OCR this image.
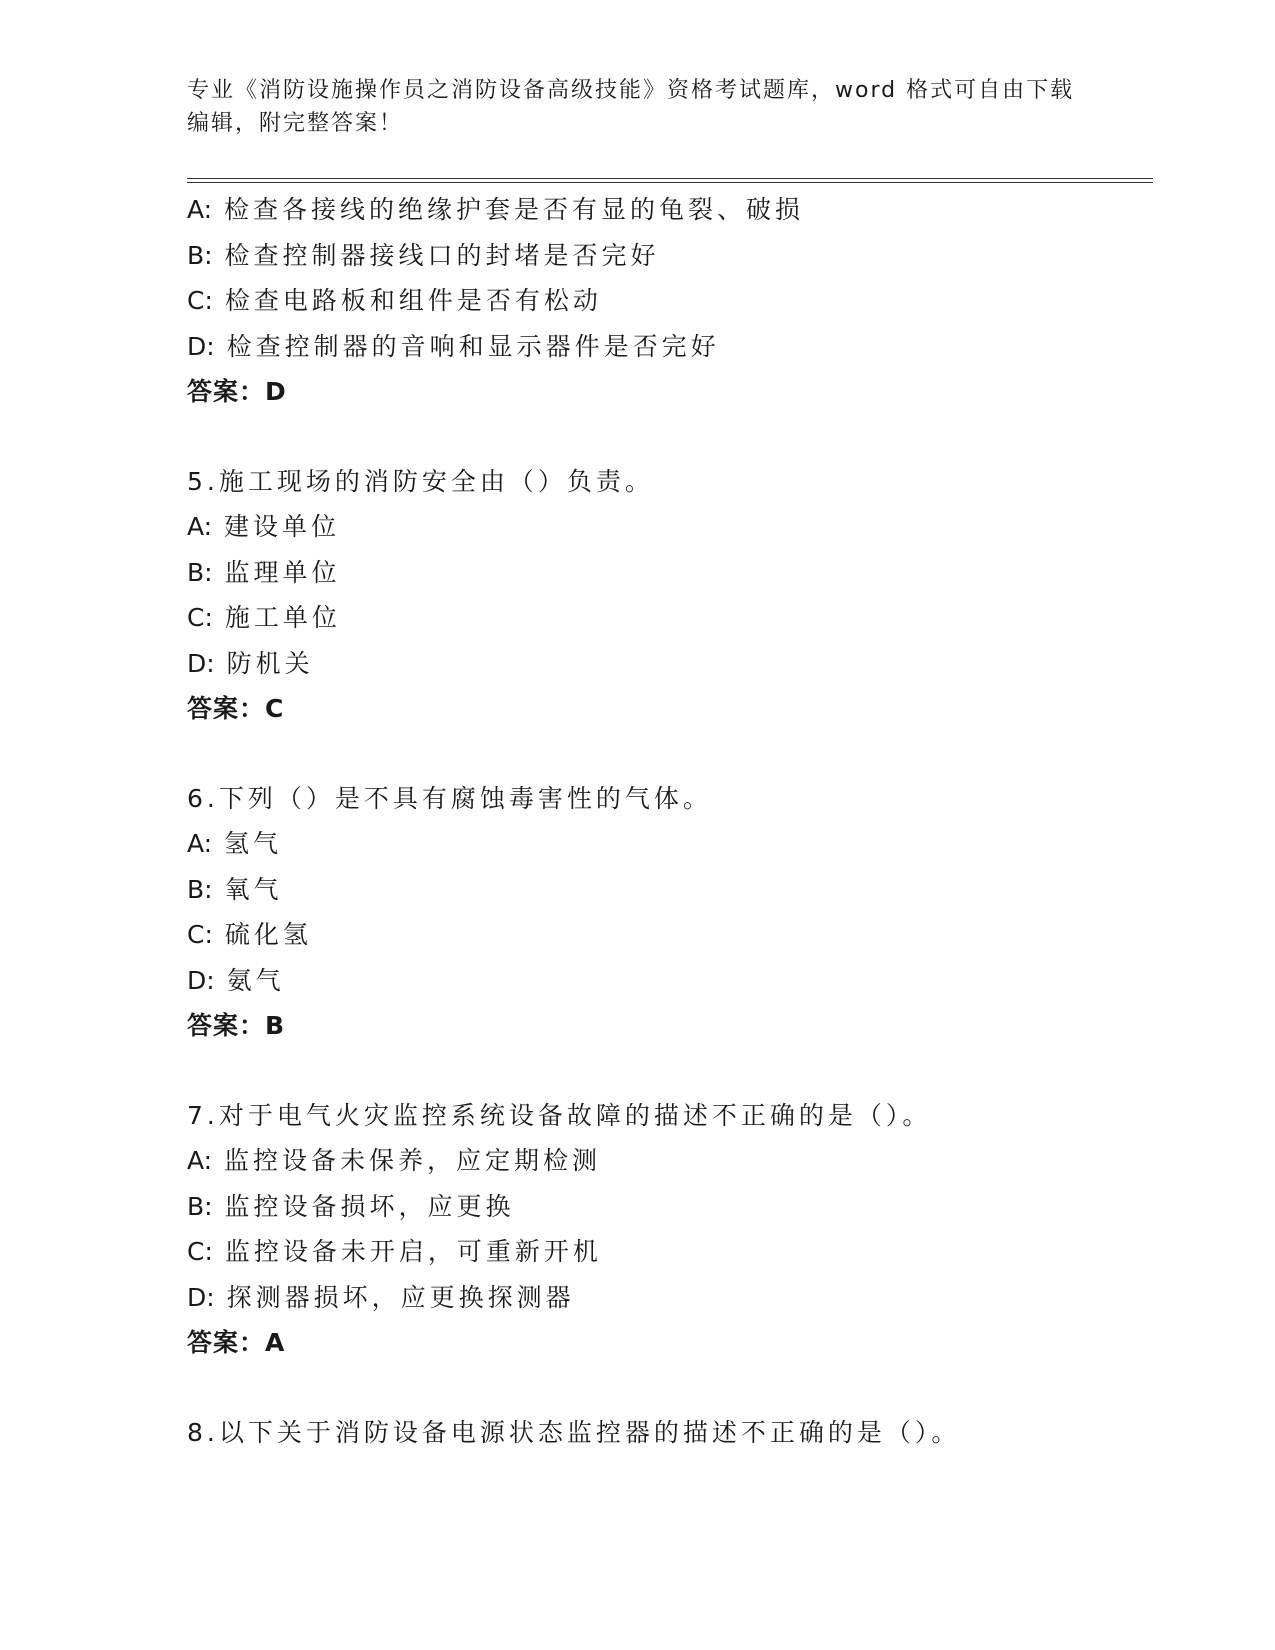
专业《消防设施操作员之消防设备高级技能》资格考试题库，word 格式可自由下载编辑，附完整答案！
A: 检查各接线的绝缘护套是否有显的龟裂、破损
B: 检查控制器接线口的封堵是否完好
C: 检查电路板和组件是否有松动
D: 检查控制器的音响和显示器件是否完好
答案：D
5.施工现场的消防安全由（）负责。
A: 建设单位
B: 监理单位
C: 施工单位
D: 防机关
答案：C
6.下列（）是不具有腐蚀毒害性的气体。
A: 氢气
B: 氧气
C: 硫化氢
D: 氨气
答案：B
7.对于电气火灾监控系统设备故障的描述不正确的是（）。
A: 监控设备未保养，应定期检测
B: 监控设备损坏，应更换
C: 监控设备未开启，可重新开机
D: 探测器损坏，应更换探测器
答案：A
8.以下关于消防设备电源状态监控器的描述不正确的是（）。
